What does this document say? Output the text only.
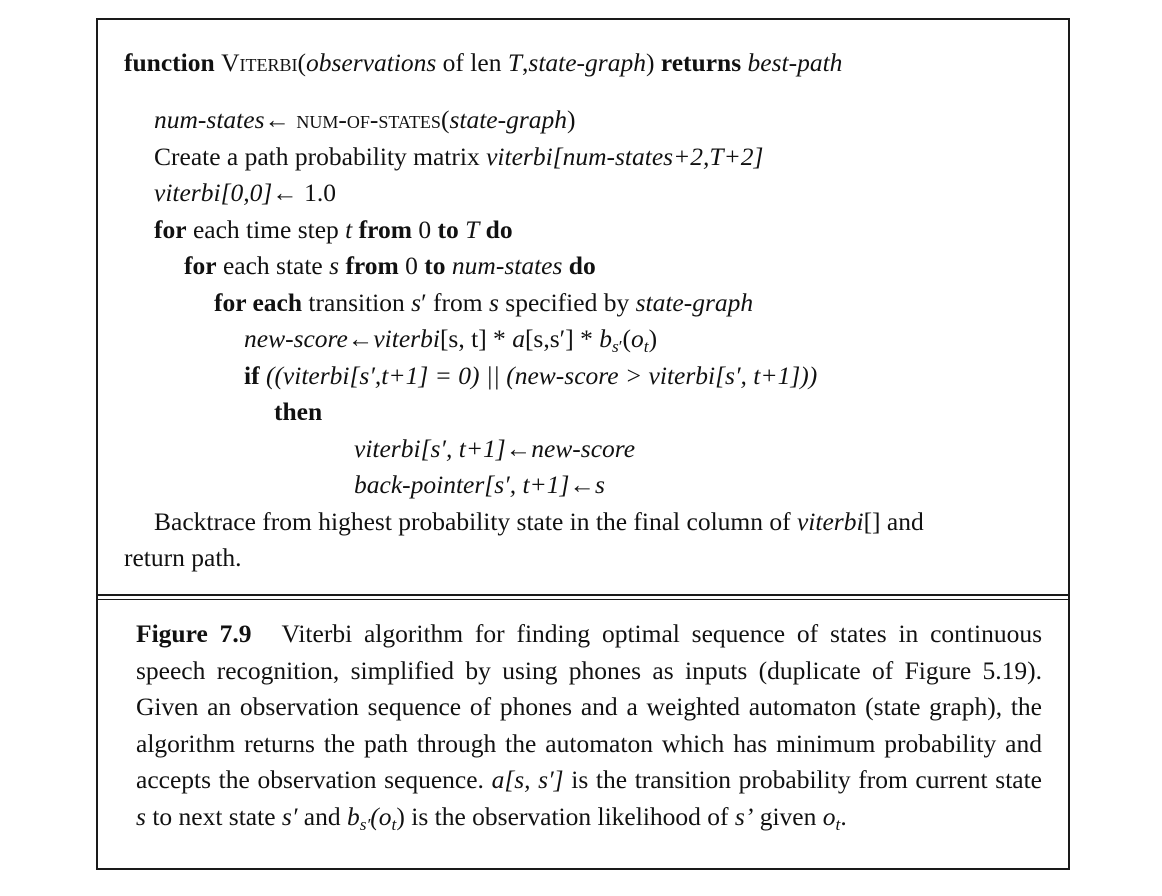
function Viterbi(observations of len T,state-graph) returns best-path
num-states← num-of-states(state-graph)
Create a path probability matrix viterbi[num-states+2,T+2]
viterbi[0,0]← 1.0
for each time step t from 0 to T do
for each state s from 0 to num-states do
for each transition s′ from s specified by state-graph
new-score←viterbi[s, $t] * a[s,s'] * b_{s'}(o_t)$
if ((viterbi[s′,t+1] = 0) || (new-score > viterbi[s′, t+1]))
then
viterbi[s′, t+1]←new-score
back-pointer[s′, t+1]←s
Backtrace from highest probability state in the final column of viterbi[] and
return path.
Figure 7.9 Viterbi algorithm for finding optimal sequence of states in continuous speech recognition, simplified by using phones as inputs (duplicate of Figure 5.19). Given an observation sequence of phones and a weighted automaton (state graph), the algorithm returns the path through the automaton which has minimum probability and accepts the observation sequence. a[s, s′] is the transition probability from current state s to next state s′ and $b_{s'}(o_t)$ is the observation likelihood of s’ given $o_t$.
